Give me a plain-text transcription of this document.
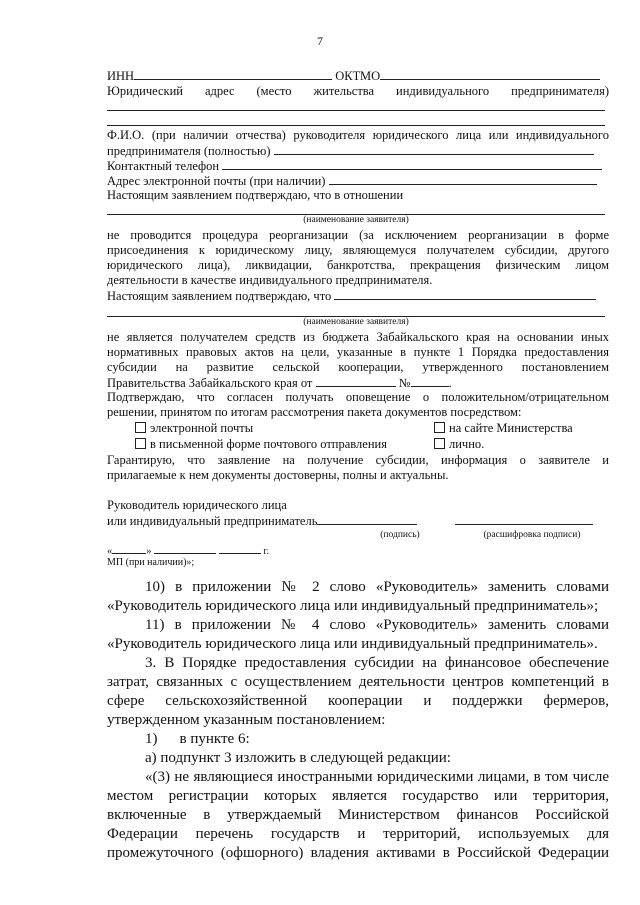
7
ИНН	ОКТМО
Юридический адрес (место жительства индивидуального предпринимателя)
Ф.И.О. (при наличии отчества) руководителя юридического лица или индивидуального
предпринимателя (полностью)
Контактный телефон
Адрес электронной почты (при наличии)
Настоящим заявлением подтверждаю, что в отношении
(наименование заявителя)
не проводится процедура реорганизации (за исключением реорганизации в форме
присоединения к юридическому лицу, являющемуся получателем субсидии, другого
юридического лица), ликвидации, банкротства, прекращения физическим лицом
деятельности в качестве индивидуального предпринимателя.
Настоящим заявлением подтверждаю, что
(наименование заявителя)
не является получателем средств из бюджета Забайкальского края на основании иных
нормативных правовых актов на цели, указанные в пункте 1 Порядка предоставления
субсидии на развитие сельской кооперации, утвержденного постановлением
Правительства Забайкальского края от	№	.
Подтверждаю, что согласен получать оповещение о положительном/отрицательном
решении, принятом по итогам рассмотрения пакета документов посредством:
электронной почты	на сайте Министерства
в письменной форме почтового отправления	лично.
Гарантирую, что заявление на получение субсидии, информация о заявителе и
прилагаемые к нем документы достоверны, полны и актуальны.
Руководитель юридического лица
или индивидуальный предприниматель
(подпись)	(расшифровка подписи)
«	»	г.
МП (при наличии)»;
10) в приложении № 2 слово «Руководитель» заменить словами
«Руководитель юридического лица или индивидуальный предприниматель»;
11) в приложении № 4 слово «Руководитель» заменить словами
«Руководитель юридического лица или индивидуальный предприниматель».
3. В Порядке предоставления субсидии на финансовое обеспечение
затрат, связанных с осуществлением деятельности центров компетенций в
сфере сельскохозяйственной кооперации и поддержки фермеров,
утвержденном указанным постановлением:
1) в пункте 6:
а) подпункт 3 изложить в следующей редакции:
«(3) не являющиеся иностранными юридическими лицами, в том числе
местом регистрации которых является государство или территория,
включенные в утверждаемый Министерством финансов Российской
Федерации перечень государств и территорий, используемых для
промежуточного (офшорного) владения активами в Российской Федерации
